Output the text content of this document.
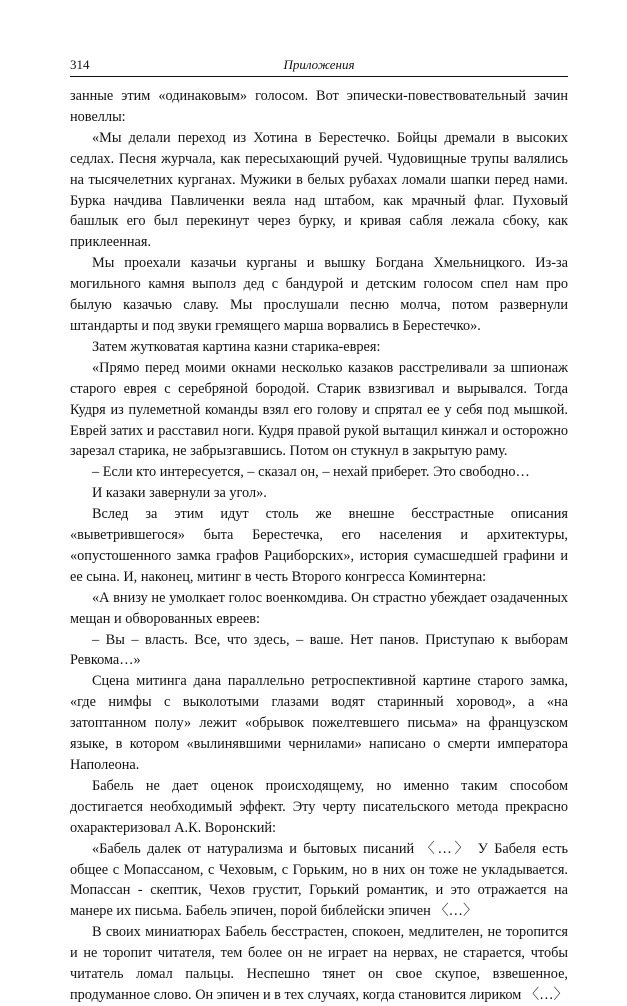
314	Приложения

занные этим «одинаковым» голосом. Вот эпически-повествовательный зачин новеллы:

«Мы делали переход из Хотина в Берестечко. Бойцы дремали в высоких седлах. Песня журчала, как пересыхающий ручей. Чудовищные трупы валялись на тысячелетних курганах. Мужики в белых рубахах ломали шапки перед нами. Бурка начдива Павличенки веяла над штабом, как мрачный флаг. Пуховый башлык его был перекинут через бурку, и кривая сабля лежала сбоку, как приклеенная.

Мы проехали казачьи курганы и вышку Богдана Хмельницкого. Из-за могильного камня выполз дед с бандурой и детским голосом спел нам про былую казачью славу. Мы прослушали песню молча, потом развернули штандарты и под звуки гремящего марша ворвались в Берестечко».

Затем жутковатая картина казни старика-еврея:

«Прямо перед моими окнами несколько казаков расстреливали за шпионаж старого еврея с серебряной бородой. Старик взвизгивал и вырывался. Тогда Кудря из пулеметной команды взял его голову и спрятал ее у себя под мышкой. Еврей затих и расставил ноги. Кудря правой рукой вытащил кинжал и осторожно зарезал старика, не забрызгавшись. Потом он стукнул в закрытую раму.

– Если кто интересуется, – сказал он, – нехай приберет. Это свободно…

И казаки завернули за угол».

Вслед за этим идут столь же внешне бесстрастные описания «выветрившегося» быта Берестечка, его населения и архитектуры, «опустошенного замка графов Рацибoрских», история сумасшедшей графини и ее сына. И, наконец, митинг в честь Второго конгресса Коминтерна:

«А внизу не умолкает голос военкомдива. Он страстно убеждает озадаченных мещан и обворованных евреев:

– Вы – власть. Все, что здесь, – ваше. Нет панов. Приступаю к выборам Ревкома…»

Сцена митинга дана параллельно ретроспективной картине старого замка, «где нимфы с выколотыми глазами водят старинный хоровод», а «на затоптанном полу» лежит «обрывок пожелтевшего письма» на французском языке, в котором «вылинявшими чернилами» написано о смерти императора Наполеона.

Бабель не дает оценок происходящему, но именно таким способом достигается необходимый эффект. Эту черту писательского метода прекрасно охарактеризовал А.К. Воронский:

«Бабель далек от натурализма и бытовых писаний 〈…〉 У Бабеля есть общее с Мопассаном, с Чеховым, с Горьким, но в них он тоже не укладывается. Мопассан - скептик, Чехов грустит, Горький романтик, и это отражается на манере их письма. Бабель эпичен, порой библейски эпичен 〈…〉

В своих миниатюрах Бабель бесстрастен, спокоен, медлителен, не торопится и не торопит читателя, тем более он не играет на нервах, не старается, чтобы читатель ломал пальцы. Неспешно тянет он свое скупое, взвешенное, продуманное слово. Он эпичен и в тех случаях, когда становится лириком 〈…〉
